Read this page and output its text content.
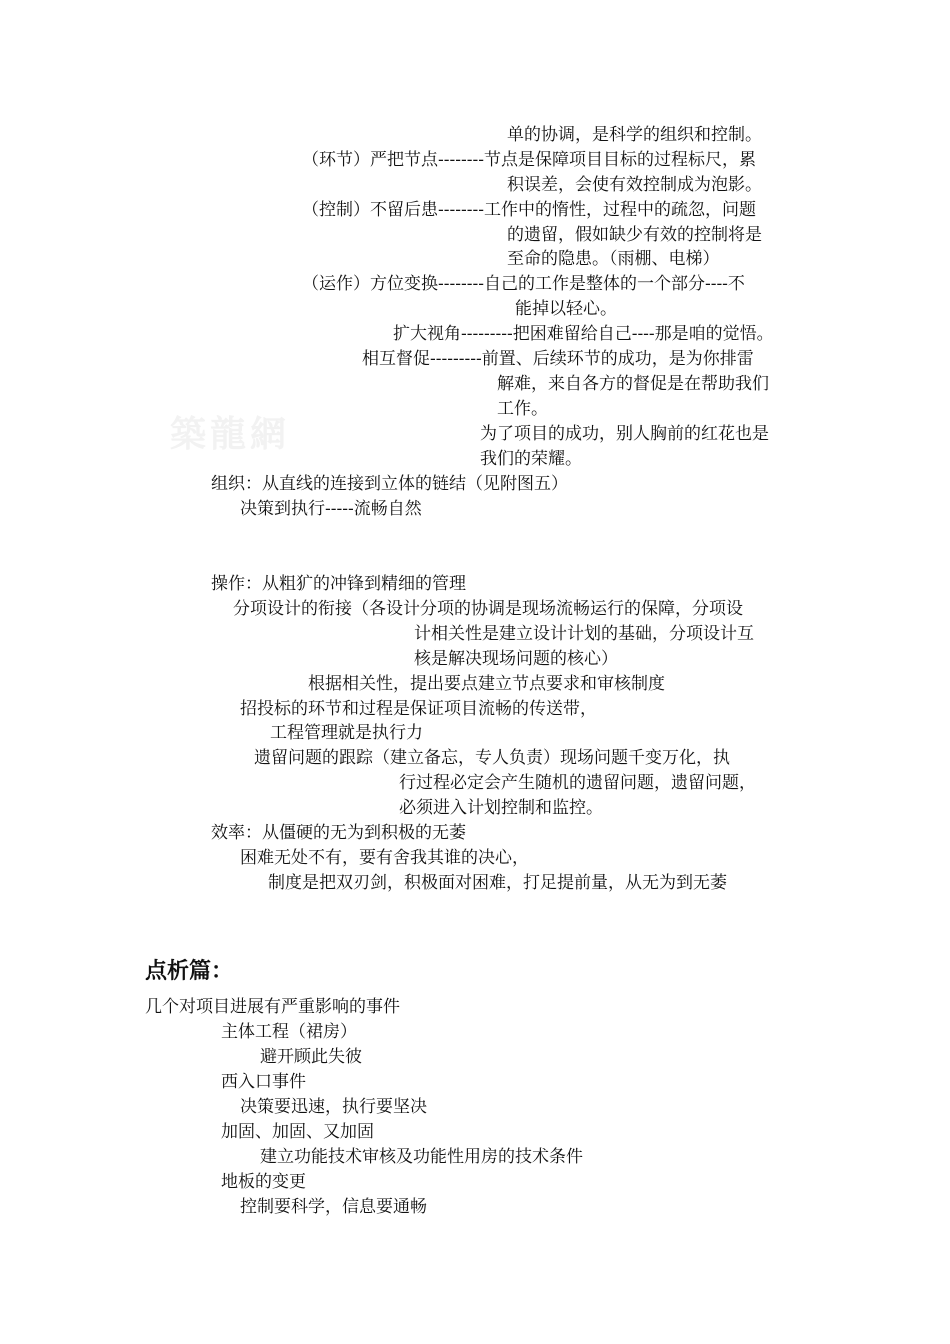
築龍網
单的协调，是科学的组织和控制。
（环节）严把节点--------节点是保障项目目标的过程标尺，累
积误差，会使有效控制成为泡影。
（控制）不留后患--------工作中的惰性，过程中的疏忽，问题
的遗留，假如缺少有效的控制将是
至命的隐患。（雨棚、电梯）
（运作）方位变换--------自己的工作是整体的一个部分----不
能掉以轻心。
扩大视角---------把困难留给自己----那是咱的觉悟。
相互督促---------前置、后续环节的成功，是为你排雷
解难，来自各方的督促是在帮助我们
工作。
为了项目的成功，别人胸前的红花也是
我们的荣耀。
组织：从直线的连接到立体的链结（见附图五）
决策到执行-----流畅自然
操作：从粗犷的冲锋到精细的管理
分项设计的衔接（各设计分项的协调是现场流畅运行的保障，分项设
计相关性是建立设计计划的基础，分项设计互
核是解决现场问题的核心）
根据相关性，提出要点建立节点要求和审核制度
招投标的环节和过程是保证项目流畅的传送带，
工程管理就是执行力
遗留问题的跟踪（建立备忘，专人负责）现场问题千变万化，执
行过程必定会产生随机的遗留问题，遗留问题，
必须进入计划控制和监控。
效率：从僵硬的无为到积极的无萎
困难无处不有，要有舍我其谁的决心，
制度是把双刃剑，积极面对困难，打足提前量，从无为到无萎
点析篇：
几个对项目进展有严重影响的事件
主体工程（裙房）
避开顾此失彼
西入口事件
决策要迅速，执行要坚决
加固、加固、又加固
建立功能技术审核及功能性用房的技术条件
地板的变更
控制要科学，信息要通畅
